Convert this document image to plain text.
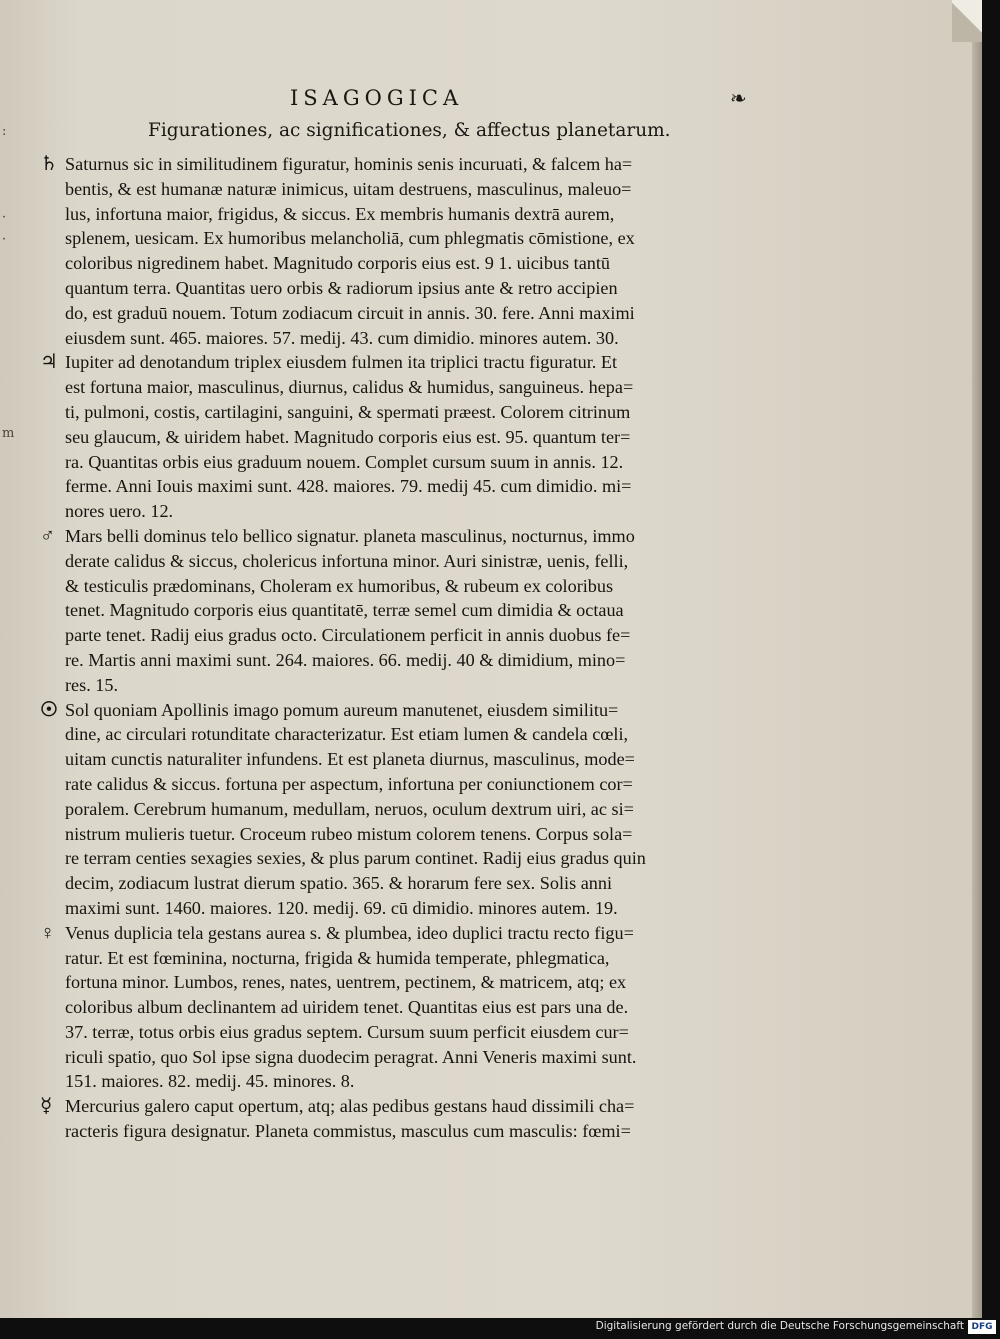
ISAGOGICA	❧
Figurationes, ac significationes, & affectus planetarum.
:
·
·
m
♄ Saturnus sic in similitudinem figuratur, hominis senis incuruati, & falcem ha=
bentis, & est humanæ naturæ inimicus, uitam destruens, masculinus, maleuo=
lus, infortuna maior, frigidus, & siccus. Ex membris humanis dextrā aurem,
splenem, uesicam. Ex humoribus melancholiā, cum phlegmatis cōmistione, ex
coloribus nigredinem habet. Magnitudo corporis eius est. 9 1. uicibus tantū
quantum terra. Quantitas uero orbis & radiorum ipsius ante & retro accipien
do, est graduū nouem. Totum zodiacum circuit in annis. 30. fere. Anni maximi
eiusdem sunt. 465. maiores. 57. medij. 43. cum dimidio. minores autem. 30.
♃ Iupiter ad denotandum triplex eiusdem fulmen ita triplici tractu figuratur. Et
est fortuna maior, masculinus, diurnus, calidus & humidus, sanguineus. hepa=
ti, pulmoni, costis, cartilagini, sanguini, & spermati præest. Colorem citrinum
seu glaucum, & uiridem habet. Magnitudo corporis eius est. 95. quantum ter=
ra. Quantitas orbis eius graduum nouem. Complet cursum suum in annis. 12.
ferme. Anni Iouis maximi sunt. 428. maiores. 79. medij 45. cum dimidio. mi=
nores uero. 12.
♂ Mars belli dominus telo bellico signatur. planeta masculinus, nocturnus, immo
derate calidus & siccus, cholericus infortuna minor. Auri sinistræ, uenis, felli,
& testiculis prædominans, Choleram ex humoribus, & rubeum ex coloribus
tenet. Magnitudo corporis eius quantitatē, terræ semel cum dimidia & octaua
parte tenet. Radij eius gradus octo. Circulationem perficit in annis duobus fe=
re. Martis anni maximi sunt. 264. maiores. 66. medij. 40 & dimidium, mino=
res. 15.
☉ Sol quoniam Apollinis imago pomum aureum manutenet, eiusdem similitu=
dine, ac circulari rotunditate characterizatur. Est etiam lumen & candela cœli,
uitam cunctis naturaliter infundens. Et est planeta diurnus, masculinus, mode=
rate calidus & siccus. fortuna per aspectum, infortuna per coniunctionem cor=
poralem. Cerebrum humanum, medullam, neruos, oculum dextrum uiri, ac si=
nistrum mulieris tuetur. Croceum rubeo mistum colorem tenens. Corpus sola=
re terram centies sexagies sexies, & plus parum continet. Radij eius gradus quin
decim, zodiacum lustrat dierum spatio. 365. & horarum fere sex. Solis anni
maximi sunt. 1460. maiores. 120. medij. 69. cū dimidio. minores autem. 19.
♀ Venus duplicia tela gestans aurea s. & plumbea, ideo duplici tractu recto figu=
ratur. Et est fœminina, nocturna, frigida & humida temperate, phlegmatica,
fortuna minor. Lumbos, renes, nates, uentrem, pectinem, & matricem, atq; ex
coloribus album declinantem ad uiridem tenet. Quantitas eius est pars una de.
37. terræ, totus orbis eius gradus septem. Cursum suum perficit eiusdem cur=
riculi spatio, quo Sol ipse signa duodecim peragrat. Anni Veneris maximi sunt.
151. maiores. 82. medij. 45. minores. 8.
☿ Mercurius galero caput opertum, atq; alas pedibus gestans haud dissimili cha=
racteris figura designatur. Planeta commistus, masculus cum masculis: fœmi=
Digitalisierung gefördert durch die Deutsche Forschungsgemeinschaft DFG
